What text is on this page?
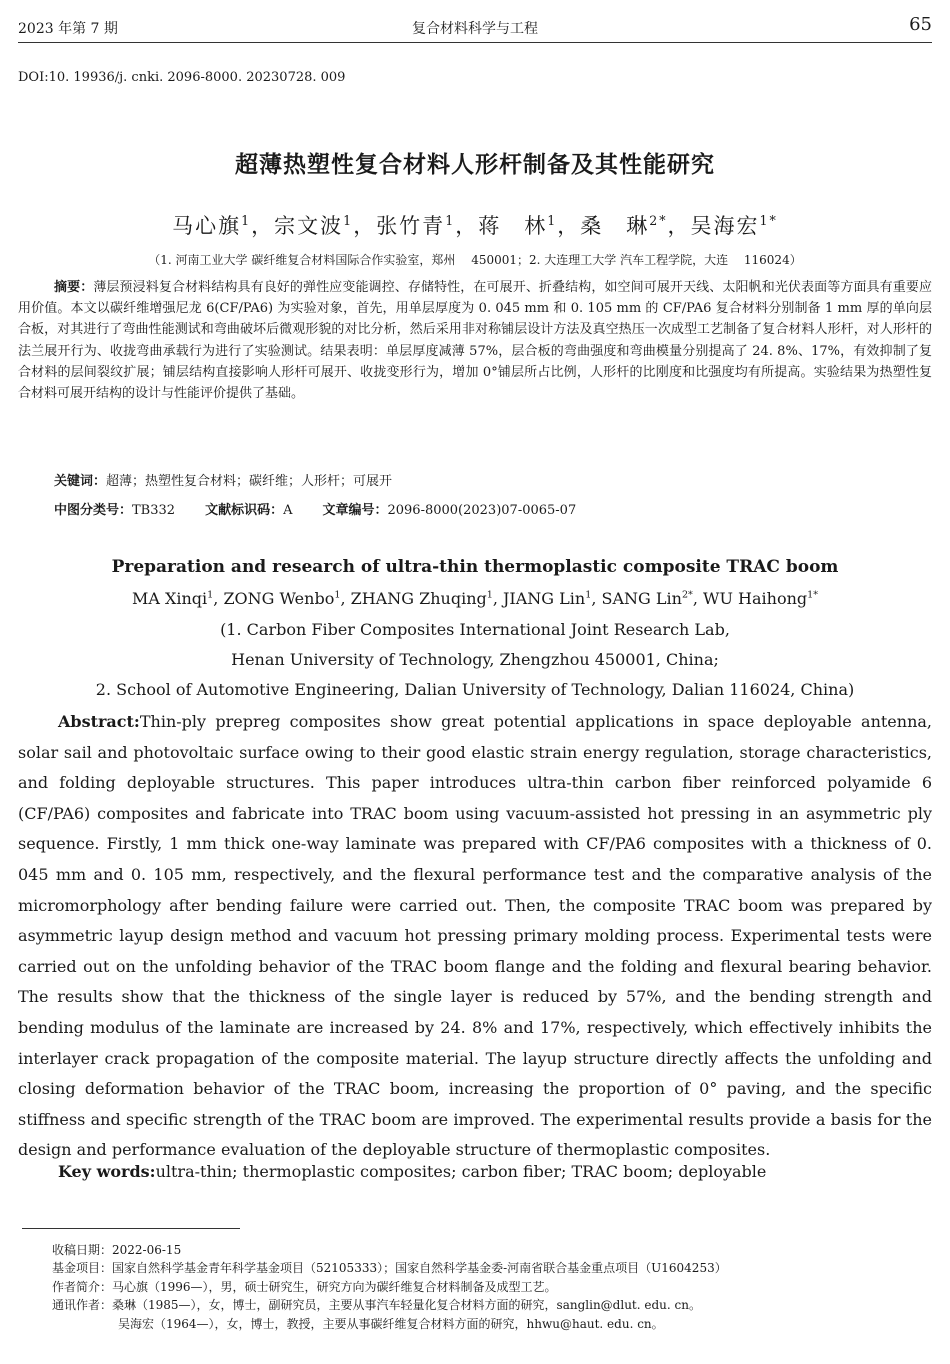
2023 年第 7 期	复合材料科学与工程	65
DOI:10. 19936/j. cnki. 2096-8000. 20230728. 009
超薄热塑性复合材料人形杆制备及其性能研究
马心旗$^1$，宗文波$^1$，张竹青$^1$，蒋　林$^1$，桑　琳$^{2*}$，吴海宏$^{1*}$
（1. 河南工业大学 碳纤维复合材料国际合作实验室，郑州　 450001；2. 大连理工大学 汽车工程学院，大连　 116024）

摘要：薄层预浸料复合材料结构具有良好的弹性应变能调控、存储特性，在可展开、折叠结构，如空间可展开天线、太阳帆和光伏表面等方面具有重要应用价值。本文以碳纤维增强尼龙 6(CF/PA6) 为实验对象，首先，用单层厚度为 0. 045 mm 和 0. 105 mm 的 CF/PA6 复合材料分别制备 1 mm 厚的单向层合板，对其进行了弯曲性能测试和弯曲破坏后微观形貌的对比分析，然后采用非对称铺层设计方法及真空热压一次成型工艺制备了复合材料人形杆，对人形杆的法兰展开行为、收拢弯曲承载行为进行了实验测试。结果表明：单层厚度减薄 57%，层合板的弯曲强度和弯曲模量分别提高了 24. 8%、17%，有效抑制了复合材料的层间裂纹扩展；铺层结构直接影响人形杆可展开、收拢变形行为，增加 0°铺层所占比例，人形杆的比刚度和比强度均有所提高。实验结果为热塑性复合材料可展开结构的设计与性能评价提供了基础。

关键词：超薄；热塑性复合材料；碳纤维；人形杆；可展开
中图分类号：TB332 文献标识码：A 文章编号：2096-8000(2023)07-0065-07
Preparation and research of ultra-thin thermoplastic composite TRAC boom
MA Xinqi$^1$, ZONG Wenbo$^1$, ZHANG Zhuqing$^1$, JIANG Lin$^1$, SANG Lin$^{2*}$, WU Haihong$^{1*}$
(1. Carbon Fiber Composites International Joint Research Lab,
Henan University of Technology, Zhengzhou 450001, China;
2. School of Automotive Engineering, Dalian University of Technology, Dalian 116024, China)

Abstract:Thin-ply prepreg composites show great potential applications in space deployable antenna, solar sail and photovoltaic surface owing to their good elastic strain energy regulation, storage characteristics, and folding deployable structures. This paper introduces ultra-thin carbon fiber reinforced polyamide 6 (CF/PA6) composites and fabricate into TRAC boom using vacuum-assisted hot pressing in an asymmetric ply sequence. Firstly, 1 mm thick one-way laminate was prepared with CF/PA6 composites with a thickness of 0. 045 mm and 0. 105 mm, respectively, and the flexural performance test and the comparative analysis of the micromorphology after bending failure were carried out. Then, the composite TRAC boom was prepared by asymmetric layup design method and vacuum hot pressing primary molding process. Experimental tests were carried out on the unfolding behavior of the TRAC boom flange and the folding and flexural bearing behavior. The results show that the thickness of the single layer is reduced by 57%, and the bending strength and bending modulus of the laminate are increased by 24. 8% and 17%, respectively, which effectively inhibits the interlayer crack propagation of the composite material. The layup structure directly affects the unfolding and closing deformation behavior of the TRAC boom, increasing the proportion of 0° paving, and the specific stiffness and specific strength of the TRAC boom are improved. The experimental results provide a basis for the design and performance evaluation of the deployable structure of thermoplastic composites.

Key words:ultra-thin; thermoplastic composites; carbon fiber; TRAC boom; deployable
收稿日期：2022-06-15
基金项目：国家自然科学基金青年科学基金项目（52105333）；国家自然科学基金委-河南省联合基金重点项目（U1604253）
作者简介：马心旗（1996—），男，硕士研究生，研究方向为碳纤维复合材料制备及成型工艺。
通讯作者：桑琳（1985—），女，博士，副研究员，主要从事汽车轻量化复合材料方面的研究，sanglin@dlut. edu. cn。
吴海宏（1964—），女，博士，教授，主要从事碳纤维复合材料方面的研究，hhwu@haut. edu. cn。
